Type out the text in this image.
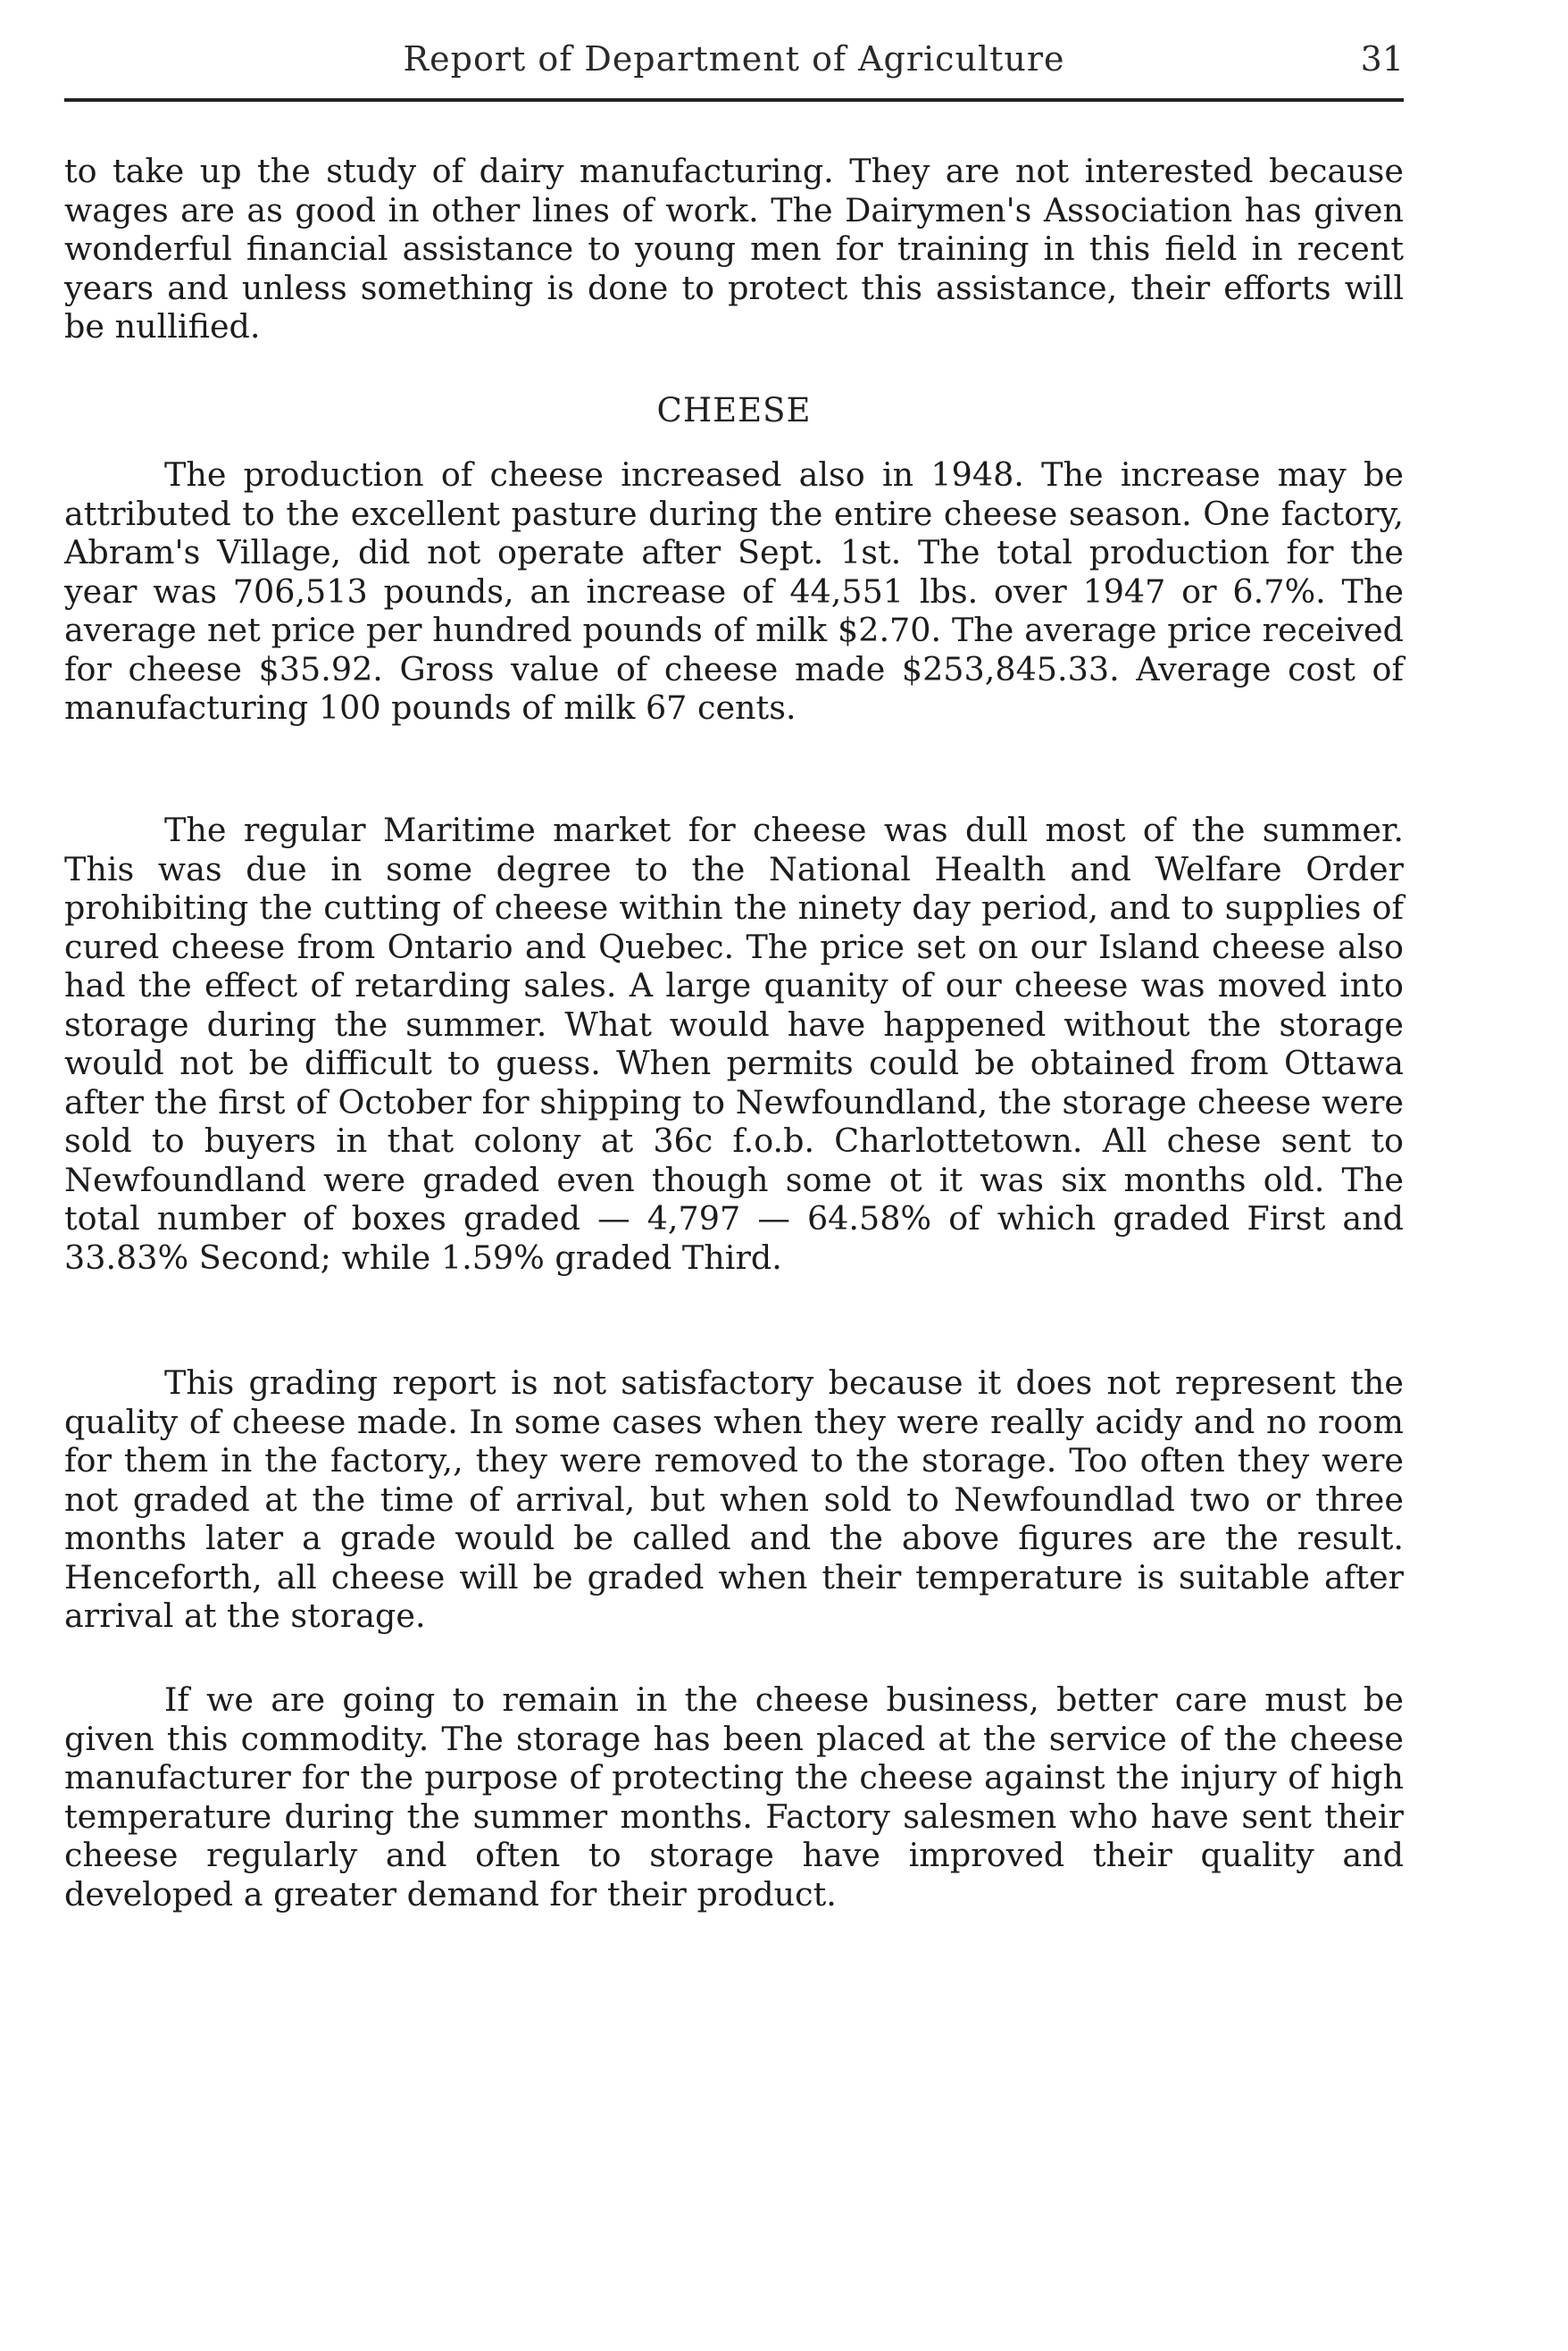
Report of Department of Agriculture	31

to take up the study of dairy manufacturing. They are not interested because wages are as good in other lines of work. The Dairymen's Association has given wonderful financial assistance to young men for training in this field in recent years and unless something is done to protect this assistance, their efforts will be nullified.

CHEESE

The production of cheese increased also in 1948. The increase may be attributed to the excellent pasture during the entire cheese season. One factory, Abram's Village, did not operate after Sept. 1st. The total production for the year was 706,513 pounds, an increase of 44,551 lbs. over 1947 or 6.7%. The average net price per hundred pounds of milk $2.70. The average price received for cheese $35.92. Gross value of cheese made $253,845.33. Average cost of manufacturing 100 pounds of milk 67 cents.

The regular Maritime market for cheese was dull most of the summer. This was due in some degree to the National Health and Welfare Order prohibiting the cutting of cheese within the ninety day period, and to supplies of cured cheese from Ontario and Quebec. The price set on our Island cheese also had the effect of retarding sales. A large quanity of our cheese was moved into storage during the summer. What would have happened without the storage would not be difficult to guess. When permits could be obtained from Ottawa after the first of October for shipping to Newfoundland, the storage cheese were sold to buyers in that colony at 36c f.o.b. Charlottetown. All chese sent to Newfoundland were graded even though some ot it was six months old. The total number of boxes graded — 4,797 — 64.58% of which graded First and 33.83% Second; while 1.59% graded Third.

This grading report is not satisfactory because it does not represent the quality of cheese made. In some cases when they were really acidy and no room for them in the factory,, they were removed to the storage. Too often they were not graded at the time of arrival, but when sold to Newfoundlad two or three months later a grade would be called and the above figures are the result. Henceforth, all cheese will be graded when their temperature is suitable after arrival at the storage.

If we are going to remain in the cheese business, better care must be given this commodity. The storage has been placed at the service of the cheese manufacturer for the purpose of protecting the cheese against the injury of high temperature during the summer months. Factory salesmen who have sent their cheese regularly and often to storage have improved their quality and developed a greater demand for their product.
